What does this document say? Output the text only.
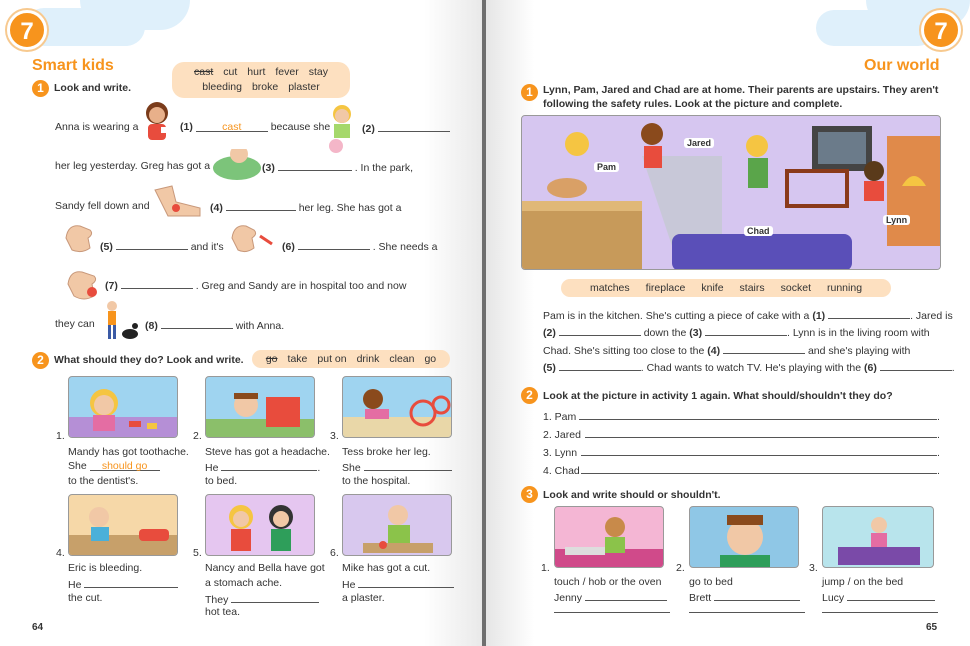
7
Smart kids
1 Look and write.
cast cut hurt fever stay
bleeding broke plaster
Anna is wearing a	(1)	cast	because she	(2)
her leg yesterday. Greg has got a	(3)	. In the park,
Sandy fell down and	(4)	her leg. She has got a
(5)	and it's	(6)	. She needs a
(7)	. Greg and Sandy are in hospital too and now
they can	(8)	with Anna.
2 What should they do? Look and write.	go take put on drink clean go
1.
Mandy has got toothache.
She should go
to the dentist's.
2.
Steve has got a headache.
He	.
to bed.
3.
Tess broke her leg.
She
to the hospital.
4.
Eric is bleeding.
He
the cut.
5.
Nancy and Bella have got
a stomach ache.
They
hot tea.
6.
Mike has got a cut.
He
a plaster.
64
7
Our world
1 Lynn, Pam, Jared and Chad are at home. Their parents are upstairs. They aren't
following the safety rules. Look at the picture and complete.
Pam
Jared
Chad
Lynn
matches fireplace knife stairs socket running
Pam is in the kitchen. She's cutting a piece of cake with a (1)	. Jared is
(2)	down the (3)	. Lynn is in the living room with
Chad. She's sitting too close to the (4)	and she's playing with
(5)	. Chad wants to watch TV. He's playing with the (6)	.
2 Look at the picture in activity 1 again. What should/shouldn't they do?
1. Pam	.
2. Jared	.
3. Lynn	.
4. Chad	.
3 Look and write should or shouldn't.
1.
touch / hob or the oven
Jenny
2.
go to bed
Brett
3.
jump / on the bed
Lucy
65
